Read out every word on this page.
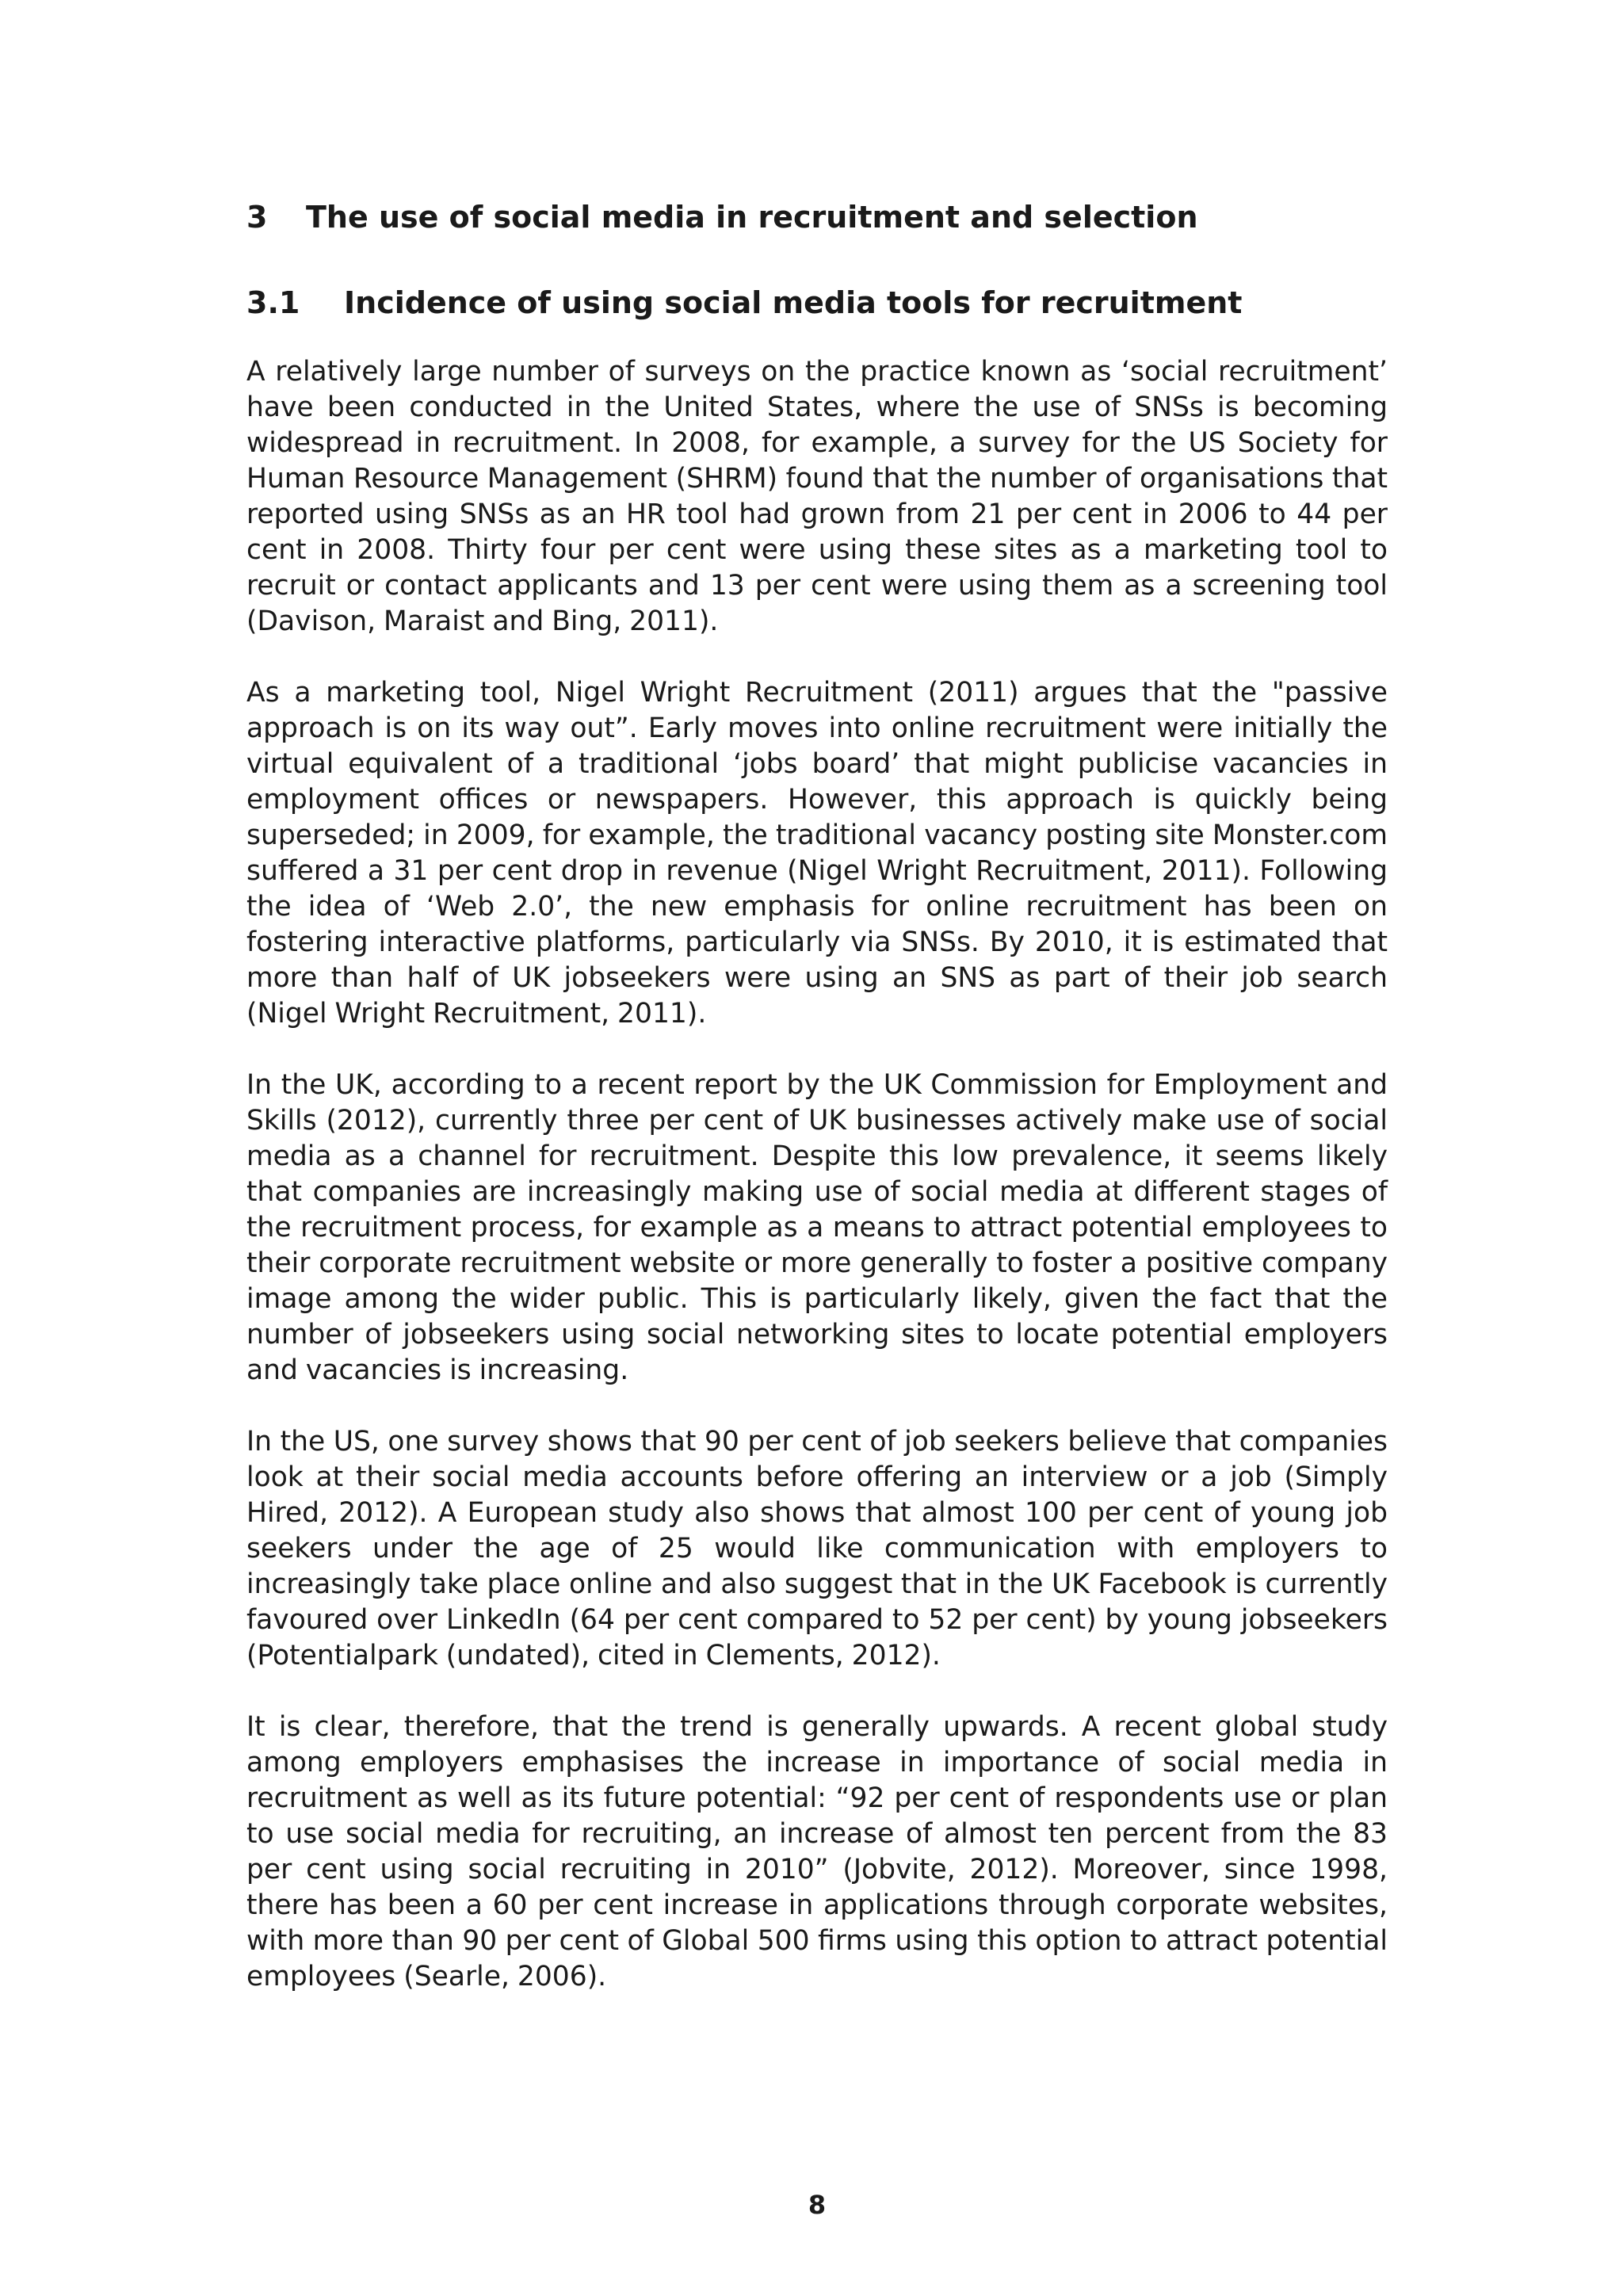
3 The use of social media in recruitment and selection
3.1 Incidence of using social media tools for recruitment

A relatively large number of surveys on the practice known as ‘social recruitment’ have been conducted in the United States, where the use of SNSs is becoming widespread in recruitment. In 2008, for example, a survey for the US Society for Human Resource Management (SHRM) found that the number of organisations that reported using SNSs as an HR tool had grown from 21 per cent in 2006 to 44 per cent in 2008. Thirty four per cent were using these sites as a marketing tool to recruit or contact applicants and 13 per cent were using them as a screening tool (Davison, Maraist and Bing, 2011).

As a marketing tool, Nigel Wright Recruitment (2011) argues that the "passive approach is on its way out”. Early moves into online recruitment were initially the virtual equivalent of a traditional ‘jobs board’ that might publicise vacancies in employment offices or newspapers. However, this approach is quickly being superseded; in 2009, for example, the traditional vacancy posting site Monster.com suffered a 31 per cent drop in revenue (Nigel Wright Recruitment, 2011). Following the idea of ‘Web 2.0’, the new emphasis for online recruitment has been on fostering interactive platforms, particularly via SNSs. By 2010, it is estimated that more than half of UK jobseekers were using an SNS as part of their job search (Nigel Wright Recruitment, 2011).

In the UK, according to a recent report by the UK Commission for Employment and Skills (2012), currently three per cent of UK businesses actively make use of social media as a channel for recruitment. Despite this low prevalence, it seems likely that companies are increasingly making use of social media at different stages of the recruitment process, for example as a means to attract potential employees to their corporate recruitment website or more generally to foster a positive company image among the wider public. This is particularly likely, given the fact that the number of jobseekers using social networking sites to locate potential employers and vacancies is increasing.

In the US, one survey shows that 90 per cent of job seekers believe that companies look at their social media accounts before offering an interview or a job (Simply Hired, 2012). A European study also shows that almost 100 per cent of young job seekers under the age of 25 would like communication with employers to increasingly take place online and also suggest that in the UK Facebook is currently favoured over LinkedIn (64 per cent compared to 52 per cent) by young jobseekers (Potentialpark (undated), cited in Clements, 2012).

It is clear, therefore, that the trend is generally upwards. A recent global study among employers emphasises the increase in importance of social media in recruitment as well as its future potential: “92 per cent of respondents use or plan to use social media for recruiting, an increase of almost ten percent from the 83 per cent using social recruiting in 2010” (Jobvite, 2012). Moreover, since 1998, there has been a 60 per cent increase in applications through corporate websites, with more than 90 per cent of Global 500 firms using this option to attract potential employees (Searle, 2006).

8
